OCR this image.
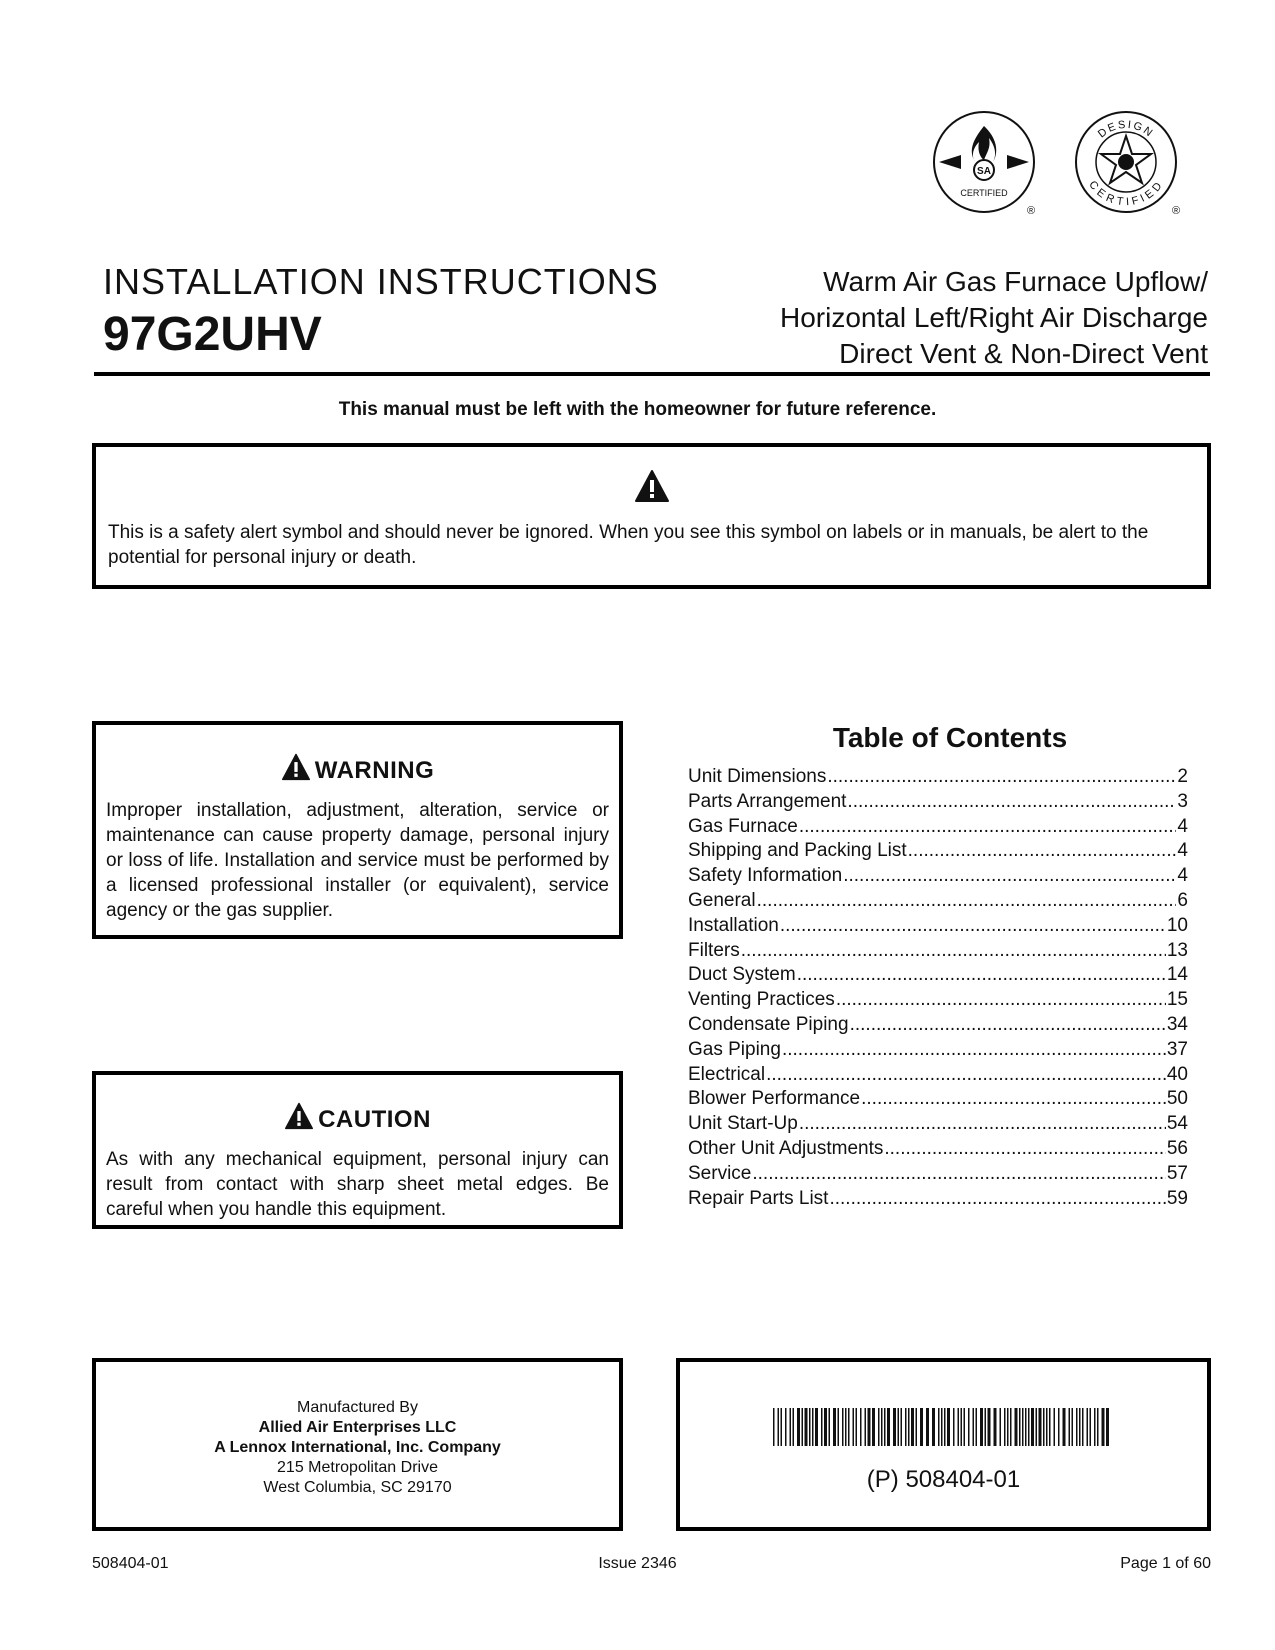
SA
CERTIFIED
®
DESIGN
CERTIFIED
®
INSTALLATION INSTRUCTIONS
97G2UHV
Warm Air Gas Furnace Upflow/
Horizontal Left/Right Air Discharge
Direct Vent & Non-Direct Vent
This manual must be left with the homeowner for future reference.
This is a safety alert symbol and should never be ignored. When you see this symbol on labels or in manuals, be alert to the potential for personal injury or death.
WARNING
Improper installation, adjustment, alteration, service or maintenance can cause property damage, personal injury or loss of life. Installation and service must be performed by a licensed professional installer (or equivalent), service agency or the gas supplier.
CAUTION
As with any mechanical equipment, personal injury can result from contact with sharp sheet metal edges. Be careful when you handle this equipment.
Table of Contents
Unit Dimensions .....	2
Parts Arrangement .....	3
Gas Furnace .....	4
Shipping and Packing List .....	4
Safety Information .....	4
General .....	6
Installation .....	10
Filters .....	13
Duct System .....	14
Venting Practices .....	15
Condensate Piping .....	34
Gas Piping .....	37
Electrical .....	40
Blower Performance .....	50
Unit Start-Up .....	54
Other Unit Adjustments .....	56
Service .....	57
Repair Parts List .....	59
Manufactured By
Allied Air Enterprises LLC
A Lennox International, Inc. Company
215 Metropolitan Drive
West Columbia, SC 29170	(P) 508404-01
508404-01	Issue 2346	Page 1 of 60
